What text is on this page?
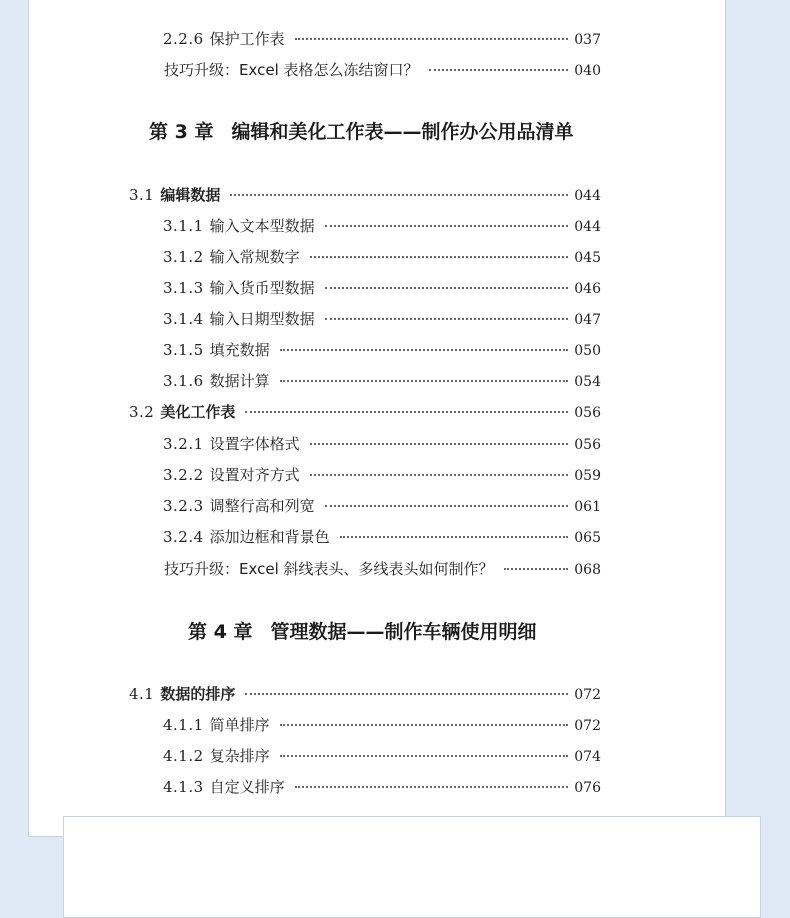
2.2.6 保护工作表	037
技巧升级：Excel 表格怎么冻结窗口？	040
第 3 章 编辑和美化工作表——制作办公用品清单
3.1 编辑数据	044
3.1.1 输入文本型数据	044
3.1.2 输入常规数字	045
3.1.3 输入货币型数据	046
3.1.4 输入日期型数据	047
3.1.5 填充数据	050
3.1.6 数据计算	054
3.2 美化工作表	056
3.2.1 设置字体格式	056
3.2.2 设置对齐方式	059
3.2.3 调整行高和列宽	061
3.2.4 添加边框和背景色	065
技巧升级：Excel 斜线表头、多线表头如何制作？	068
第 4 章 管理数据——制作车辆使用明细
4.1 数据的排序	072
4.1.1 简单排序	072
4.1.2 复杂排序	074
4.1.3 自定义排序	076
